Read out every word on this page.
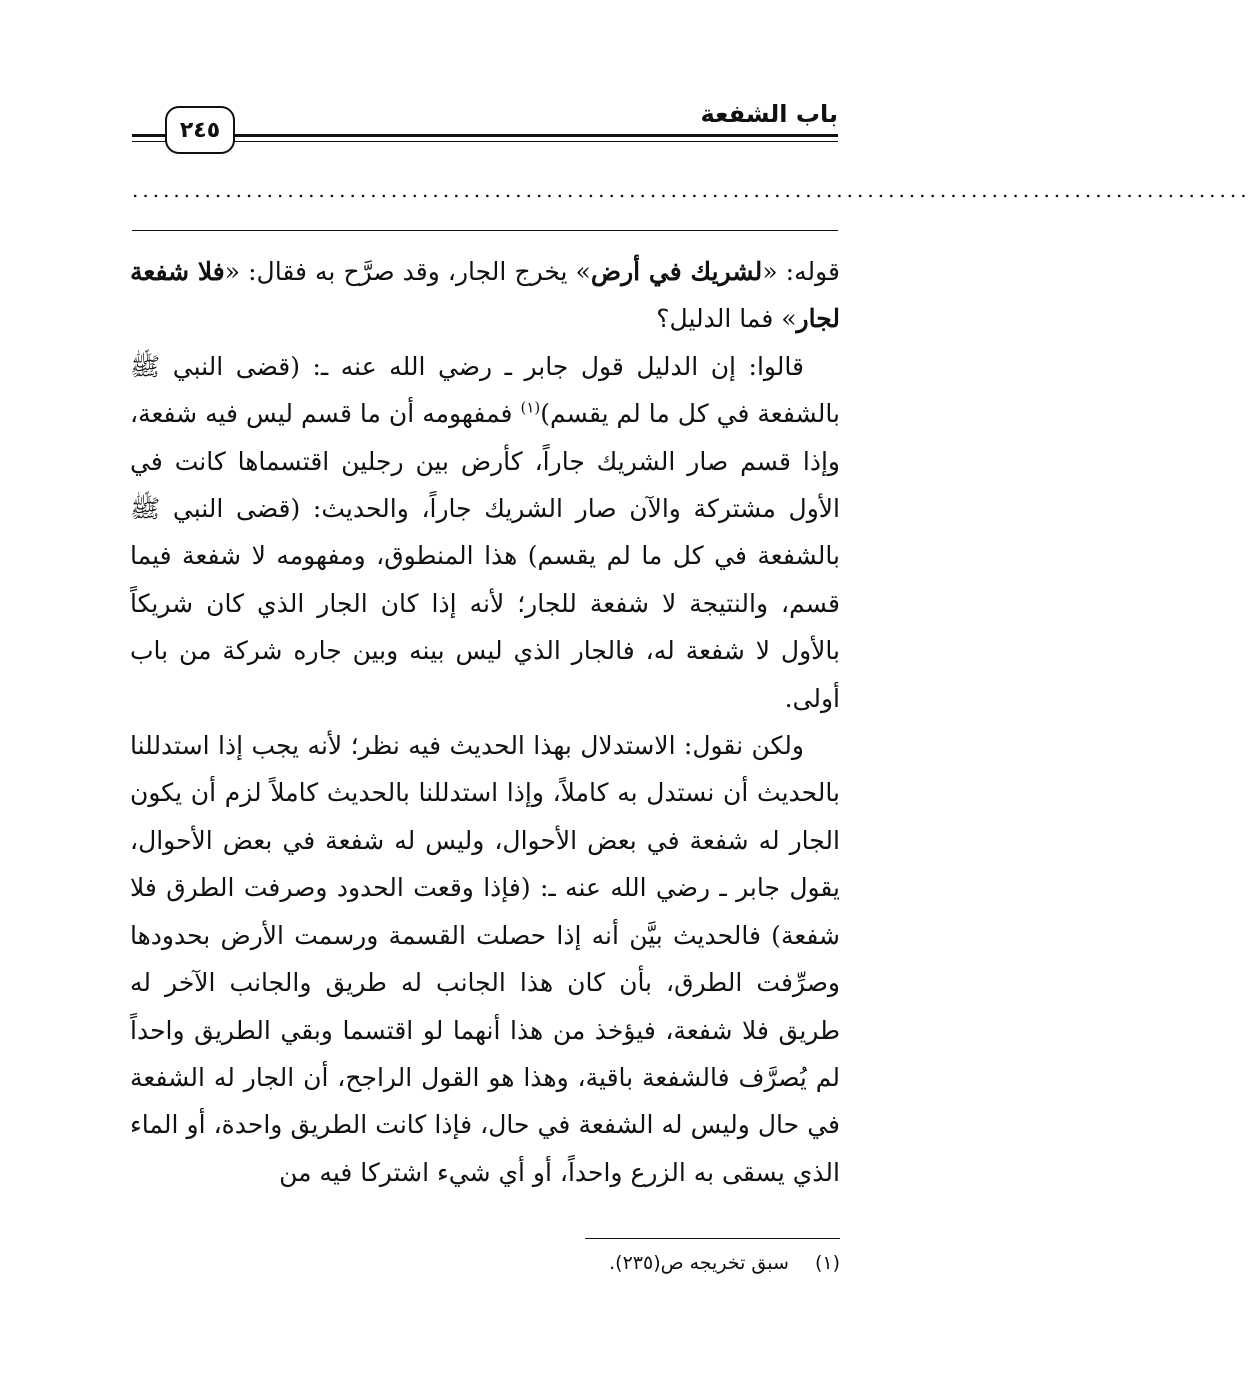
باب الشفعة
٢٤٥
............................................................................................................

قوله: «لشريك في أرض» يخرج الجار، وقد صرَّح به فقال: «فلا شفعة لجار» فما الدليل؟

قالوا: إن الدليل قول جابر ـ رضي الله عنه ـ: (قضى النبي ﷺ بالشفعة في كل ما لم يقسم)$^{(١)}$ فمفهومه أن ما قسم ليس فيه شفعة، وإذا قسم صار الشريك جاراً، كأرض بين رجلين اقتسماها كانت في الأول مشتركة والآن صار الشريك جاراً، والحديث: (قضى النبي ﷺ بالشفعة في كل ما لم يقسم) هذا المنطوق، ومفهومه لا شفعة فيما قسم، والنتيجة لا شفعة للجار؛ لأنه إذا كان الجار الذي كان شريكاً بالأول لا شفعة له، فالجار الذي ليس بينه وبين جاره شركة من باب أولى.

ولكن نقول: الاستدلال بهذا الحديث فيه نظر؛ لأنه يجب إذا استدللنا بالحديث أن نستدل به كاملاً، وإذا استدللنا بالحديث كاملاً لزم أن يكون الجار له شفعة في بعض الأحوال، وليس له شفعة في بعض الأحوال، يقول جابر ـ رضي الله عنه ـ: (فإذا وقعت الحدود وصرفت الطرق فلا شفعة) فالحديث بيَّن أنه إذا حصلت القسمة ورسمت الأرض بحدودها وصرِّفت الطرق، بأن كان هذا الجانب له طريق والجانب الآخر له طريق فلا شفعة، فيؤخذ من هذا أنهما لو اقتسما وبقي الطريق واحداً لم يُصرَّف فالشفعة باقية، وهذا هو القول الراجح، أن الجار له الشفعة في حال وليس له الشفعة في حال، فإذا كانت الطريق واحدة، أو الماء الذي يسقى به الزرع واحداً، أو أي شيء اشتركا فيه من

(١)سبق تخريجه ص(٢٣٥).
